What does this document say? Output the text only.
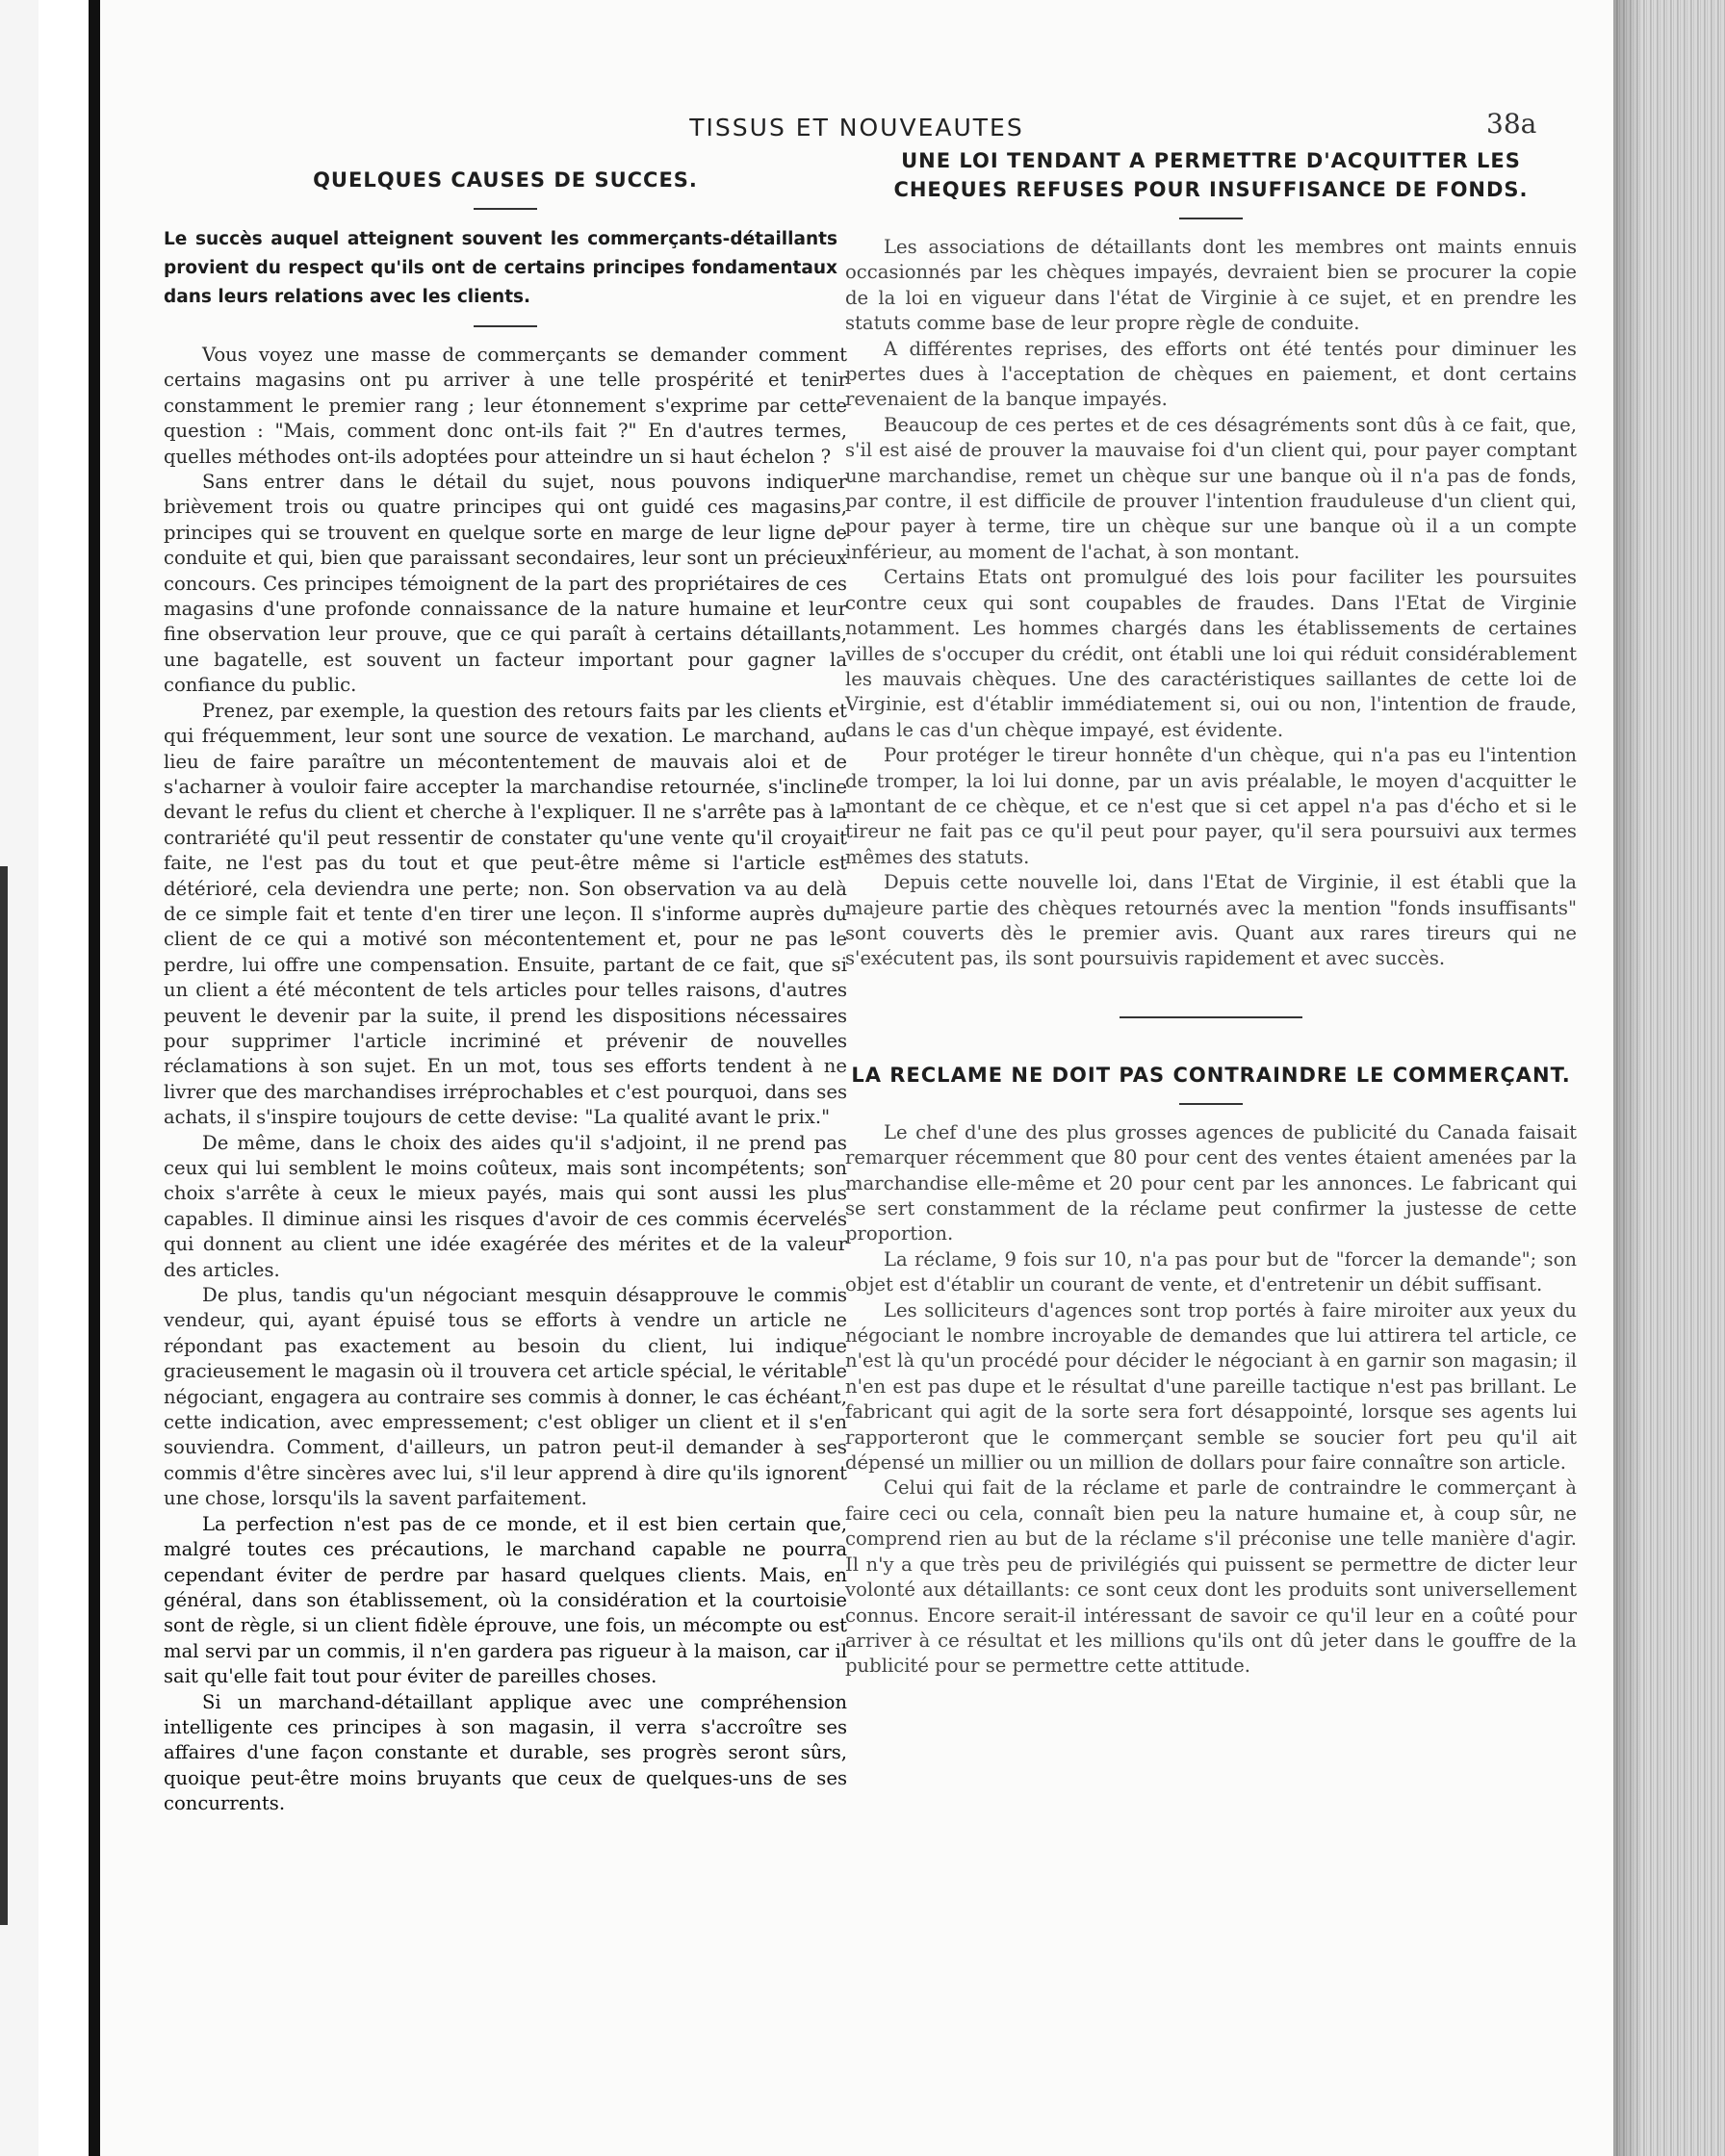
TISSUS ET NOUVEAUTES	38a
QUELQUES CAUSES DE SUCCES.

Le succès auquel atteignent souvent les commerçants-détaillants provient du respect qu'ils ont de certains principes fondamentaux dans leurs relations avec les clients.

Vous voyez une masse de commerçants se demander comment certains magasins ont pu arriver à une telle prospérité et tenir constamment le premier rang ; leur étonnement s'exprime par cette question : "Mais, comment donc ont-ils fait ?" En d'autres termes, quelles méthodes ont-ils adoptées pour atteindre un si haut échelon ?

Sans entrer dans le détail du sujet, nous pouvons indiquer brièvement trois ou quatre principes qui ont guidé ces magasins, principes qui se trouvent en quelque sorte en marge de leur ligne de conduite et qui, bien que paraissant secondaires, leur sont un précieux concours. Ces principes témoignent de la part des propriétaires de ces magasins d'une profonde connaissance de la nature humaine et leur fine observation leur prouve, que ce qui paraît à certains détaillants, une bagatelle, est souvent un facteur important pour gagner la confiance du public.

Prenez, par exemple, la question des retours faits par les clients et qui fréquemment, leur sont une source de vexation. Le marchand, au lieu de faire paraître un mécontentement de mauvais aloi et de s'acharner à vouloir faire accepter la marchandise retournée, s'incline devant le refus du client et cherche à l'expliquer. Il ne s'arrête pas à la contrariété qu'il peut ressentir de constater qu'une vente qu'il croyait faite, ne l'est pas du tout et que peut-être même si l'article est détérioré, cela deviendra une perte; non. Son observation va au delà de ce simple fait et tente d'en tirer une leçon. Il s'informe auprès du client de ce qui a motivé son mécontentement et, pour ne pas le perdre, lui offre une compensation. Ensuite, partant de ce fait, que si un client a été mécontent de tels articles pour telles raisons, d'autres peuvent le devenir par la suite, il prend les dispositions nécessaires pour supprimer l'article incriminé et prévenir de nouvelles réclamations à son sujet. En un mot, tous ses efforts tendent à ne livrer que des marchandises irréprochables et c'est pourquoi, dans ses achats, il s'inspire toujours de cette devise: "La qualité avant le prix."

De même, dans le choix des aides qu'il s'adjoint, il ne prend pas ceux qui lui semblent le moins coûteux, mais sont incompétents; son choix s'arrête à ceux le mieux payés, mais qui sont aussi les plus capables. Il diminue ainsi les risques d'avoir de ces commis écervelés qui donnent au client une idée exagérée des mérites et de la valeur des articles.

De plus, tandis qu'un négociant mesquin désapprouve le commis vendeur, qui, ayant épuisé tous se efforts à vendre un article ne répondant pas exactement au besoin du client, lui indique gracieusement le magasin où il trouvera cet article spécial, le véritable négociant, engagera au contraire ses commis à donner, le cas échéant, cette indication, avec empressement; c'est obliger un client et il s'en souviendra. Comment, d'ailleurs, un patron peut-il demander à ses commis d'être sincères avec lui, s'il leur apprend à dire qu'ils ignorent une chose, lorsqu'ils la savent parfaitement.

La perfection n'est pas de ce monde, et il est bien certain que, malgré toutes ces précautions, le marchand capable ne pourra cependant éviter de perdre par hasard quelques clients. Mais, en général, dans son établissement, où la considération et la courtoisie sont de règle, si un client fidèle éprouve, une fois, un mécompte ou est mal servi par un commis, il n'en gardera pas rigueur à la maison, car il sait qu'elle fait tout pour éviter de pareilles choses.

Si un marchand-détaillant applique avec une compréhension intelligente ces principes à son magasin, il verra s'accroître ses affaires d'une façon constante et durable, ses progrès seront sûrs, quoique peut-être moins bruyants que ceux de quelques-uns de ses concurrents.

UNE LOI TENDANT A PERMETTRE D'ACQUITTER LES CHEQUES REFUSES POUR INSUFFISANCE DE FONDS.

Les associations de détaillants dont les membres ont maints ennuis occasionnés par les chèques impayés, devraient bien se procurer la copie de la loi en vigueur dans l'état de Virginie à ce sujet, et en prendre les statuts comme base de leur propre règle de conduite.

A différentes reprises, des efforts ont été tentés pour diminuer les pertes dues à l'acceptation de chèques en paiement, et dont certains revenaient de la banque impayés.

Beaucoup de ces pertes et de ces désagréments sont dûs à ce fait, que, s'il est aisé de prouver la mauvaise foi d'un client qui, pour payer comptant une marchandise, remet un chèque sur une banque où il n'a pas de fonds, par contre, il est difficile de prouver l'intention frauduleuse d'un client qui, pour payer à terme, tire un chèque sur une banque où il a un compte inférieur, au moment de l'achat, à son montant.

Certains Etats ont promulgué des lois pour faciliter les poursuites contre ceux qui sont coupables de fraudes. Dans l'Etat de Virginie notamment. Les hommes chargés dans les établissements de certaines villes de s'occuper du crédit, ont établi une loi qui réduit considérablement les mauvais chèques. Une des caractéristiques saillantes de cette loi de Virginie, est d'établir immédiatement si, oui ou non, l'intention de fraude, dans le cas d'un chèque impayé, est évidente.

Pour protéger le tireur honnête d'un chèque, qui n'a pas eu l'intention de tromper, la loi lui donne, par un avis préalable, le moyen d'acquitter le montant de ce chèque, et ce n'est que si cet appel n'a pas d'écho et si le tireur ne fait pas ce qu'il peut pour payer, qu'il sera poursuivi aux termes mêmes des statuts.

Depuis cette nouvelle loi, dans l'Etat de Virginie, il est établi que la majeure partie des chèques retournés avec la mention "fonds insuffisants" sont couverts dès le premier avis. Quant aux rares tireurs qui ne s'exécutent pas, ils sont poursuivis rapidement et avec succès.

LA RECLAME NE DOIT PAS CONTRAINDRE LE COMMERÇANT.

Le chef d'une des plus grosses agences de publicité du Canada faisait remarquer récemment que 80 pour cent des ventes étaient amenées par la marchandise elle-même et 20 pour cent par les annonces. Le fabricant qui se sert constamment de la réclame peut confirmer la justesse de cette proportion.

La réclame, 9 fois sur 10, n'a pas pour but de "forcer la demande"; son objet est d'établir un courant de vente, et d'entretenir un débit suffisant.

Les solliciteurs d'agences sont trop portés à faire miroiter aux yeux du négociant le nombre incroyable de demandes que lui attirera tel article, ce n'est là qu'un procédé pour décider le négociant à en garnir son magasin; il n'en est pas dupe et le résultat d'une pareille tactique n'est pas brillant. Le fabricant qui agit de la sorte sera fort désappointé, lorsque ses agents lui rapporteront que le commerçant semble se soucier fort peu qu'il ait dépensé un millier ou un million de dollars pour faire connaître son article.

Celui qui fait de la réclame et parle de contraindre le commerçant à faire ceci ou cela, connaît bien peu la nature humaine et, à coup sûr, ne comprend rien au but de la réclame s'il préconise une telle manière d'agir. Il n'y a que très peu de privilégiés qui puissent se permettre de dicter leur volonté aux détaillants: ce sont ceux dont les produits sont universellement connus. Encore serait-il intéressant de savoir ce qu'il leur en a coûté pour arriver à ce résultat et les millions qu'ils ont dû jeter dans le gouffre de la publicité pour se permettre cette attitude.
